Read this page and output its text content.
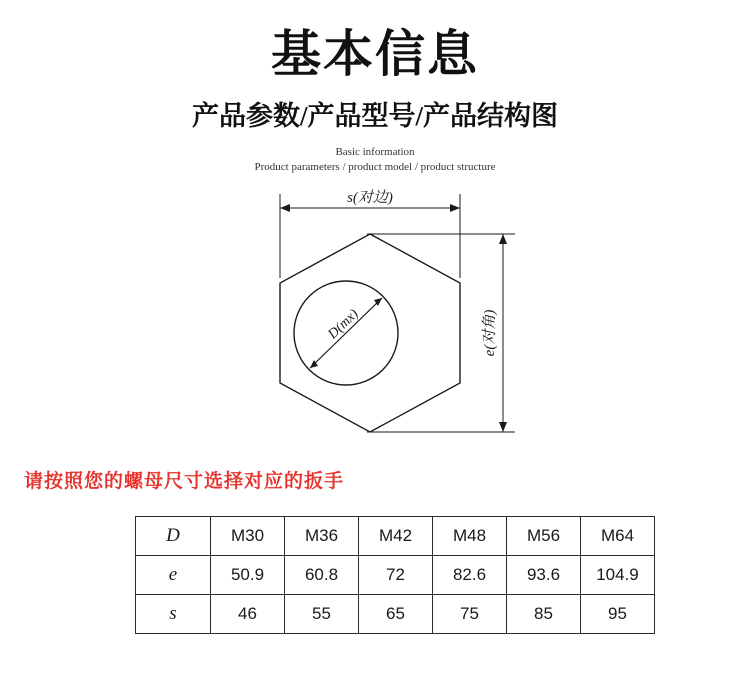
基本信息
产品参数/产品型号/产品结构图
Basic information
Product parameters / product model / product structure
s(对边)
e(对角)
D(mx)
请按照您的螺母尺寸选择对应的扳手
D	M30	M36	M42	M48	M56	M64
e	50.9	60.8	72	82.6	93.6	104.9
s	46	55	65	75	85	95
